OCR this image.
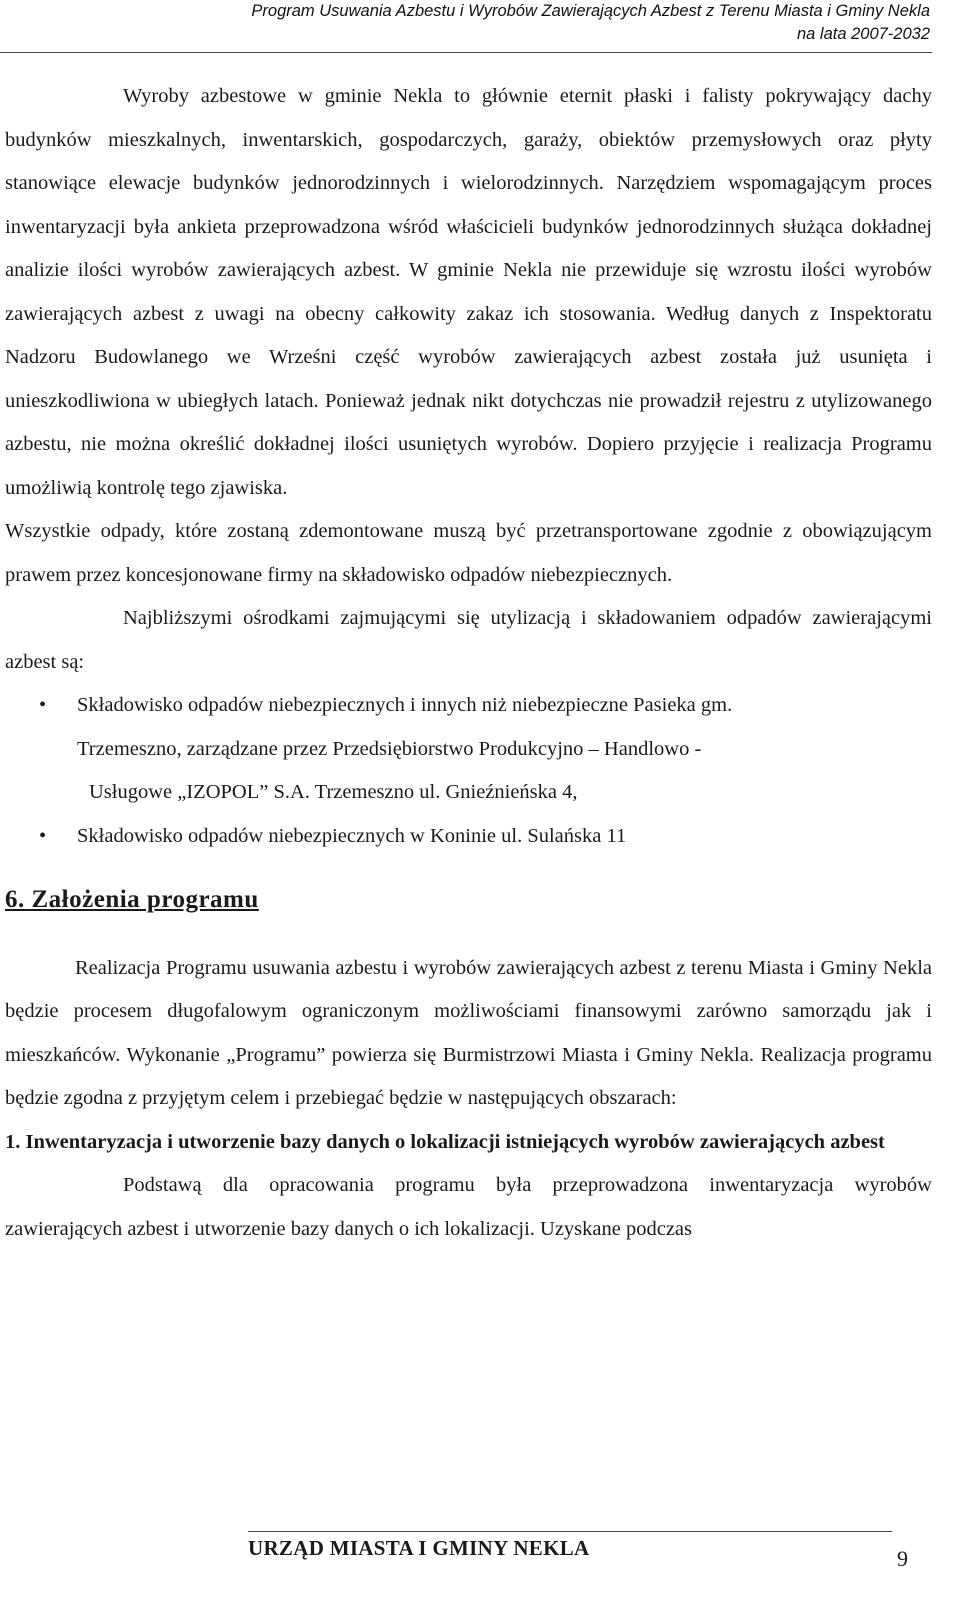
Program Usuwania Azbestu i Wyrobów Zawierających Azbest z Terenu Miasta i Gminy Nekla
na lata 2007-2032

Wyroby azbestowe w gminie Nekla to głównie eternit płaski i falisty pokrywający dachy budynków mieszkalnych, inwentarskich, gospodarczych, garaży, obiektów przemysłowych oraz płyty stanowiące elewacje budynków jednorodzinnych i wielorodzinnych. Narzędziem wspomagającym proces inwentaryzacji była ankieta przeprowadzona wśród właścicieli budynków jednorodzinnych służąca dokładnej analizie ilości wyrobów zawierających azbest. W gminie Nekla nie przewiduje się wzrostu ilości wyrobów zawierających azbest z uwagi na obecny całkowity zakaz ich stosowania. Według danych z Inspektoratu Nadzoru Budowlanego we Wrześni część wyrobów zawierających azbest została już usunięta i unieszkodliwiona w ubiegłych latach. Ponieważ jednak nikt dotychczas nie prowadził rejestru z utylizowanego azbestu, nie można określić dokładnej ilości usuniętych wyrobów. Dopiero przyjęcie i realizacja Programu umożliwią kontrolę tego zjawiska.

Wszystkie odpady, które zostaną zdemontowane muszą być przetransportowane zgodnie z obowiązującym prawem przez koncesjonowane firmy na składowisko odpadów niebezpiecznych.

Najbliższymi ośrodkami zajmującymi się utylizacją i składowaniem odpadów zawierającymi azbest są:

• Składowisko odpadów niebezpiecznych i innych niż niebezpieczne Pasieka gm.
Trzemeszno, zarządzane przez Przedsiębiorstwo Produkcyjno – Handlowo -
Usługowe „IZOPOL” S.A. Trzemeszno ul. Gnieźnieńska 4,
• Składowisko odpadów niebezpiecznych w Koninie ul. Sulańska 11
6. Założenia programu

Realizacja Programu usuwania azbestu i wyrobów zawierających azbest z terenu Miasta i Gminy Nekla będzie procesem długofalowym ograniczonym możliwościami finansowymi zarówno samorządu jak i mieszkańców. Wykonanie „Programu” powierza się Burmistrzowi Miasta i Gminy Nekla. Realizacja programu będzie zgodna z przyjętym celem i przebiegać będzie w następujących obszarach:

1. Inwentaryzacja i utworzenie bazy danych o lokalizacji istniejących wyrobów zawierających azbest

Podstawą dla opracowania programu była przeprowadzona inwentaryzacja wyrobów zawierających azbest i utworzenie bazy danych o ich lokalizacji. Uzyskane podczas

URZĄD MIASTA I GMINY NEKLA	9
